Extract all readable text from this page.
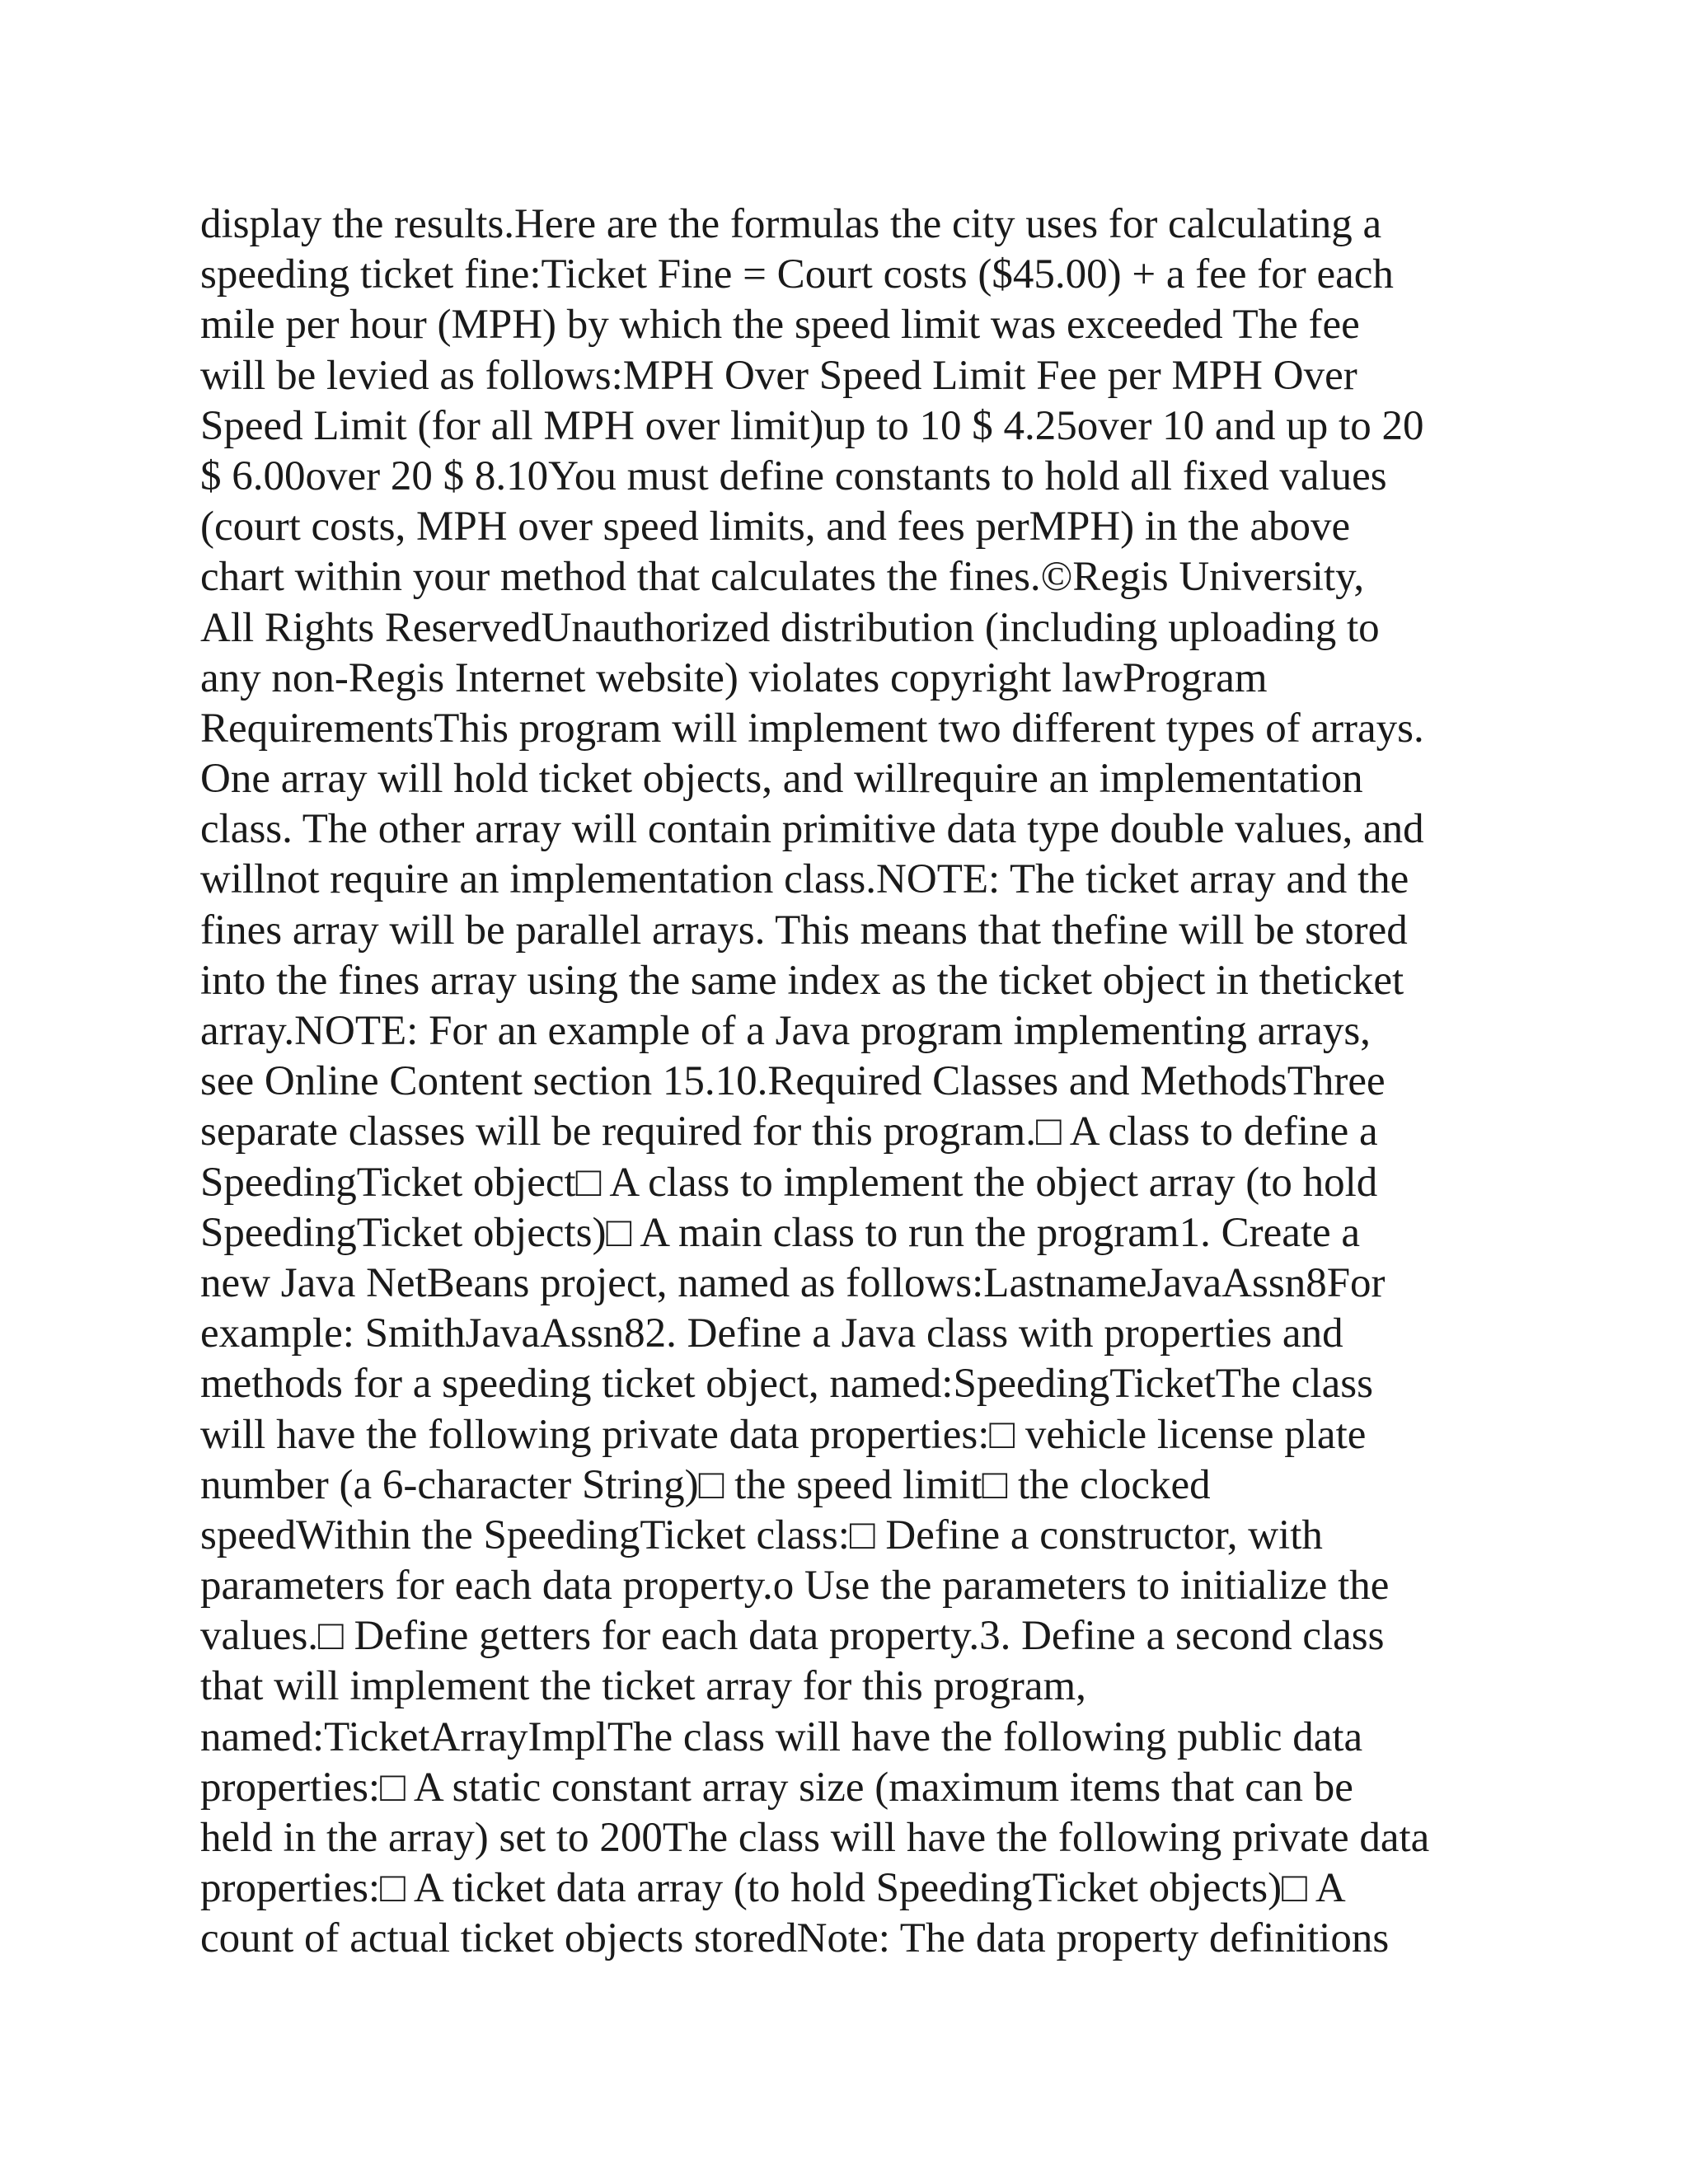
display the results.Here are the formulas the city uses for calculating a
speeding ticket fine:Ticket Fine = Court costs ($45.00) + a fee for each
mile per hour (MPH) by which the speed limit was exceeded The fee
will be levied as follows:MPH Over Speed Limit Fee per MPH Over
Speed Limit (for all MPH over limit)up to 10 $ 4.25over 10 and up to 20
$ 6.00over 20 $ 8.10You must define constants to hold all fixed values
(court costs, MPH over speed limits, and fees perMPH) in the above
chart within your method that calculates the fines.©Regis University,
All Rights ReservedUnauthorized distribution (including uploading to
any non-Regis Internet website) violates copyright lawProgram
RequirementsThis program will implement two different types of arrays.
One array will hold ticket objects, and willrequire an implementation
class. The other array will contain primitive data type double values, and
willnot require an implementation class.NOTE: The ticket array and the
fines array will be parallel arrays. This means that thefine will be stored
into the fines array using the same index as the ticket object in theticket
array.NOTE: For an example of a Java program implementing arrays,
see Online Content section 15.10.Required Classes and MethodsThree
separate classes will be required for this program.□ A class to define a
SpeedingTicket object□ A class to implement the object array (to hold
SpeedingTicket objects)□ A main class to run the program1. Create a
new Java NetBeans project, named as follows:LastnameJavaAssn8For
example: SmithJavaAssn82. Define a Java class with properties and
methods for a speeding ticket object, named:SpeedingTicketThe class
will have the following private data properties:□ vehicle license plate
number (a 6-character String)□ the speed limit□ the clocked
speedWithin the SpeedingTicket class:□ Define a constructor, with
parameters for each data property.o Use the parameters to initialize the
values.□ Define getters for each data property.3. Define a second class
that will implement the ticket array for this program,
named:TicketArrayImplThe class will have the following public data
properties:□ A static constant array size (maximum items that can be
held in the array) set to 200The class will have the following private data
properties:□ A ticket data array (to hold SpeedingTicket objects)□ A
count of actual ticket objects storedNote: The data property definitions
